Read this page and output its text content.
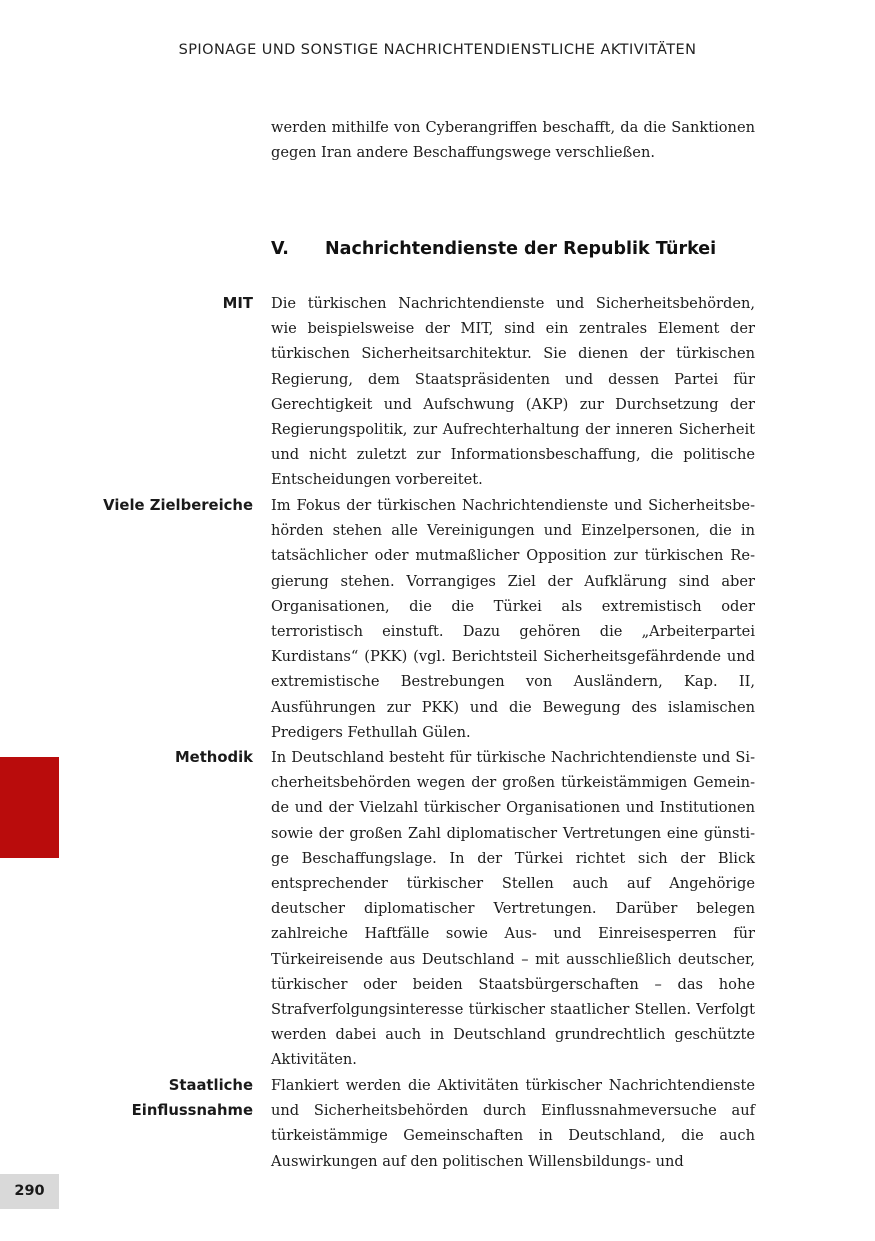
SPIONAGE UND SONSTIGE NACHRICHTENDIENSTLICHE AKTIVITÄTEN

werden mithilfe von Cyberangriffen beschafft, da die Sanktionen gegen Iran andere Beschaffungswege verschließen.

V. Nachrichtendienste der Republik Türkei
MIT Die türkischen Nachrichtendienste und Sicherheitsbehörden, wie beispielsweise der MIT, sind ein zentrales Element der türkischen Sicherheitsarchitektur. Sie dienen der türkischen Regierung, dem Staatspräsidenten und dessen Partei für Gerechtigkeit und Aufschwung (AKP) zur Durchsetzung der Regierungspolitik, zur Aufrechterhaltung der inneren Sicherheit und nicht zuletzt zur Informationsbeschaffung, die politische Entscheidungen vorbereitet.

Viele Zielbereiche Im Fokus der türkischen Nachrichtendienste und Sicherheitsbehörden stehen alle Vereinigungen und Einzelpersonen, die in tatsächlicher oder mutmaßlicher Opposition zur türkischen Regierung stehen. Vorrangiges Ziel der Aufklärung sind aber Organisationen, die die Türkei als extremistisch oder terroristisch einstuft. Dazu gehören die „Arbeiterpartei Kurdistans“ (PKK) (vgl. Berichtsteil Sicherheitsgefährdende und extremistische Bestrebungen von Ausländern, Kap. II, Ausführungen zur PKK) und die Bewegung des islamischen Predigers Fethullah Gülen.

Methodik In Deutschland besteht für türkische Nachrichtendienste und Sicherheitsbehörden wegen der großen türkeistämmigen Gemeinde und der Vielzahl türkischer Organisationen und Institutionen sowie der großen Zahl diplomatischer Vertretungen eine günstige Beschaffungslage. In der Türkei richtet sich der Blick entsprechender türkischer Stellen auch auf Angehörige deutscher diplomatischer Vertretungen. Darüber belegen zahlreiche Haftfälle sowie Aus- und Einreisesperren für Türkeireisende aus Deutschland – mit ausschließlich deutscher, türkischer oder beiden Staatsbürgerschaften – das hohe Strafverfolgungsinteresse türkischer staatlicher Stellen. Verfolgt werden dabei auch in Deutschland grundrechtlich geschützte Aktivitäten.

Staatliche
Einflussnahme

Flankiert werden die Aktivitäten türkischer Nachrichtendienste und Sicherheitsbehörden durch Einflussnahmeversuche auf türkeistämmige Gemeinschaften in Deutschland, die auch Auswirkungen auf den politischen Willensbildungs- und

290
